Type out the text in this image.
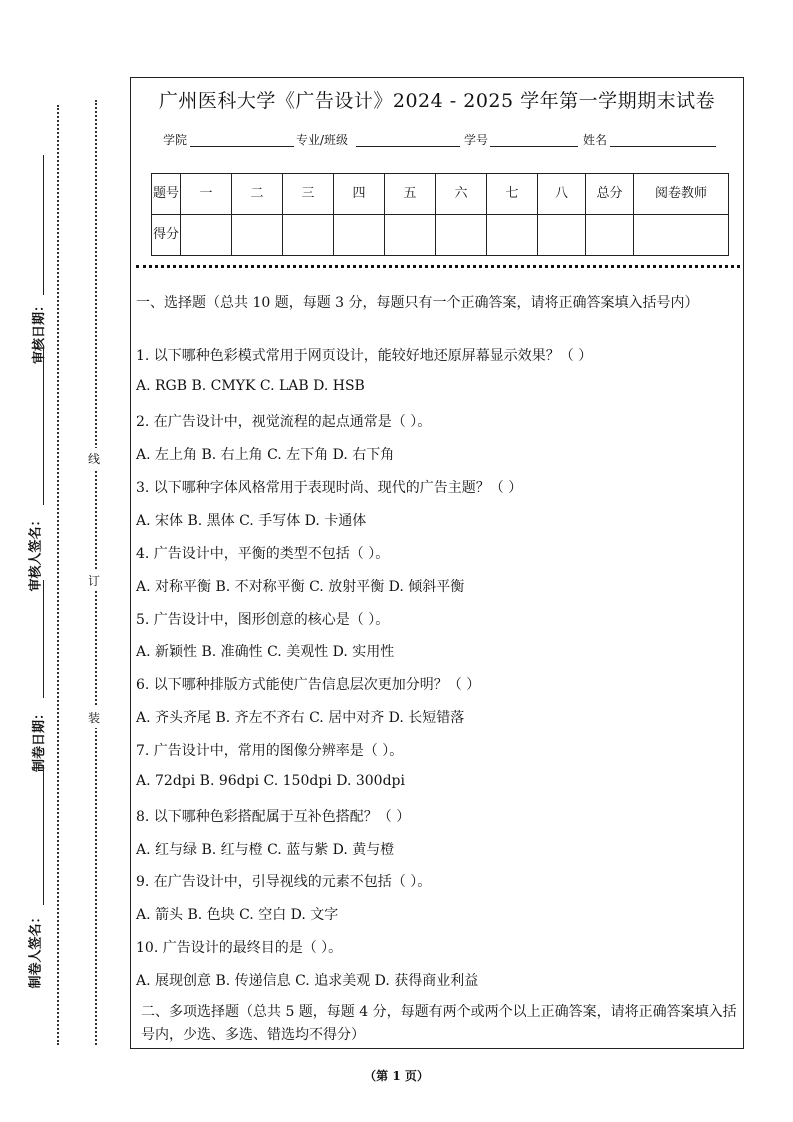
审核日期：
审核人签名：
制卷日期：
制卷人签名：
线
订
装
广州医科大学《广告设计》2024 - 2025 学年第一学期期末试卷
学院	专业/班级	学号	姓名
题号	一	二	三	四	五	六	七	八	总分	阅卷教师
得分										
一、选择题（总共 10 题，每题 3 分，每题只有一个正确答案，请将正确答案填入括号内）
1. 以下哪种色彩模式常用于网页设计，能较好地还原屏幕显示效果？（ ）
A. RGB B. CMYK C. LAB D. HSB
2. 在广告设计中，视觉流程的起点通常是（ ）。
A. 左上角 B. 右上角 C. 左下角 D. 右下角
3. 以下哪种字体风格常用于表现时尚、现代的广告主题？（ ）
A. 宋体 B. 黑体 C. 手写体 D. 卡通体
4. 广告设计中，平衡的类型不包括（ ）。
A. 对称平衡 B. 不对称平衡 C. 放射平衡 D. 倾斜平衡
5. 广告设计中，图形创意的核心是（ ）。
A. 新颖性 B. 准确性 C. 美观性 D. 实用性
6. 以下哪种排版方式能使广告信息层次更加分明？（ ）
A. 齐头齐尾 B. 齐左不齐右 C. 居中对齐 D. 长短错落
7. 广告设计中，常用的图像分辨率是（ ）。
A. 72dpi B. 96dpi C. 150dpi D. 300dpi
8. 以下哪种色彩搭配属于互补色搭配？（ ）
A. 红与绿 B. 红与橙 C. 蓝与紫 D. 黄与橙
9. 在广告设计中，引导视线的元素不包括（ ）。
A. 箭头 B. 色块 C. 空白 D. 文字
10. 广告设计的最终目的是（ ）。
A. 展现创意 B. 传递信息 C. 追求美观 D. 获得商业利益
二、多项选择题（总共 5 题，每题 4 分，每题有两个或两个以上正确答案，请将正确答案填入括号内，少选、多选、错选均不得分）
（第 1 页）
